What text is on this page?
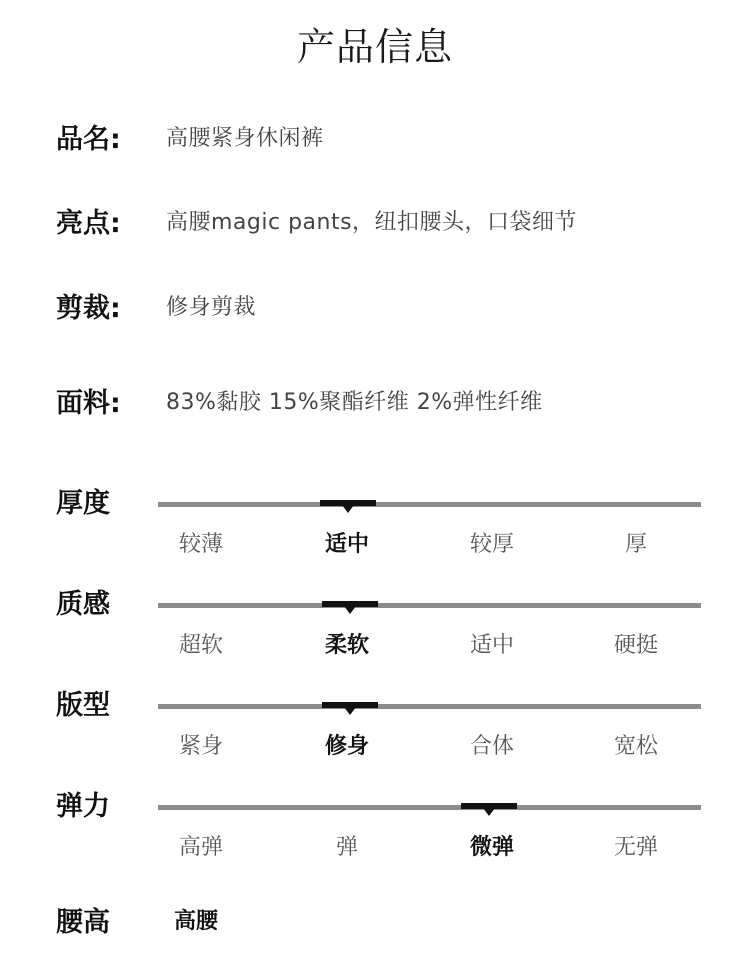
产品信息
品名:	高腰紧身休闲裤
亮点:	高腰magic pants，纽扣腰头，口袋细节
剪裁:	修身剪裁
面料:	83%黏胶 15%聚酯纤维 2%弹性纤维
厚度
较薄	适中	较厚	厚
质感
超软	柔软	适中	硬挺
版型
紧身	修身	合体	宽松
弹力
高弹	弹	微弹	无弹
腰高	高腰
